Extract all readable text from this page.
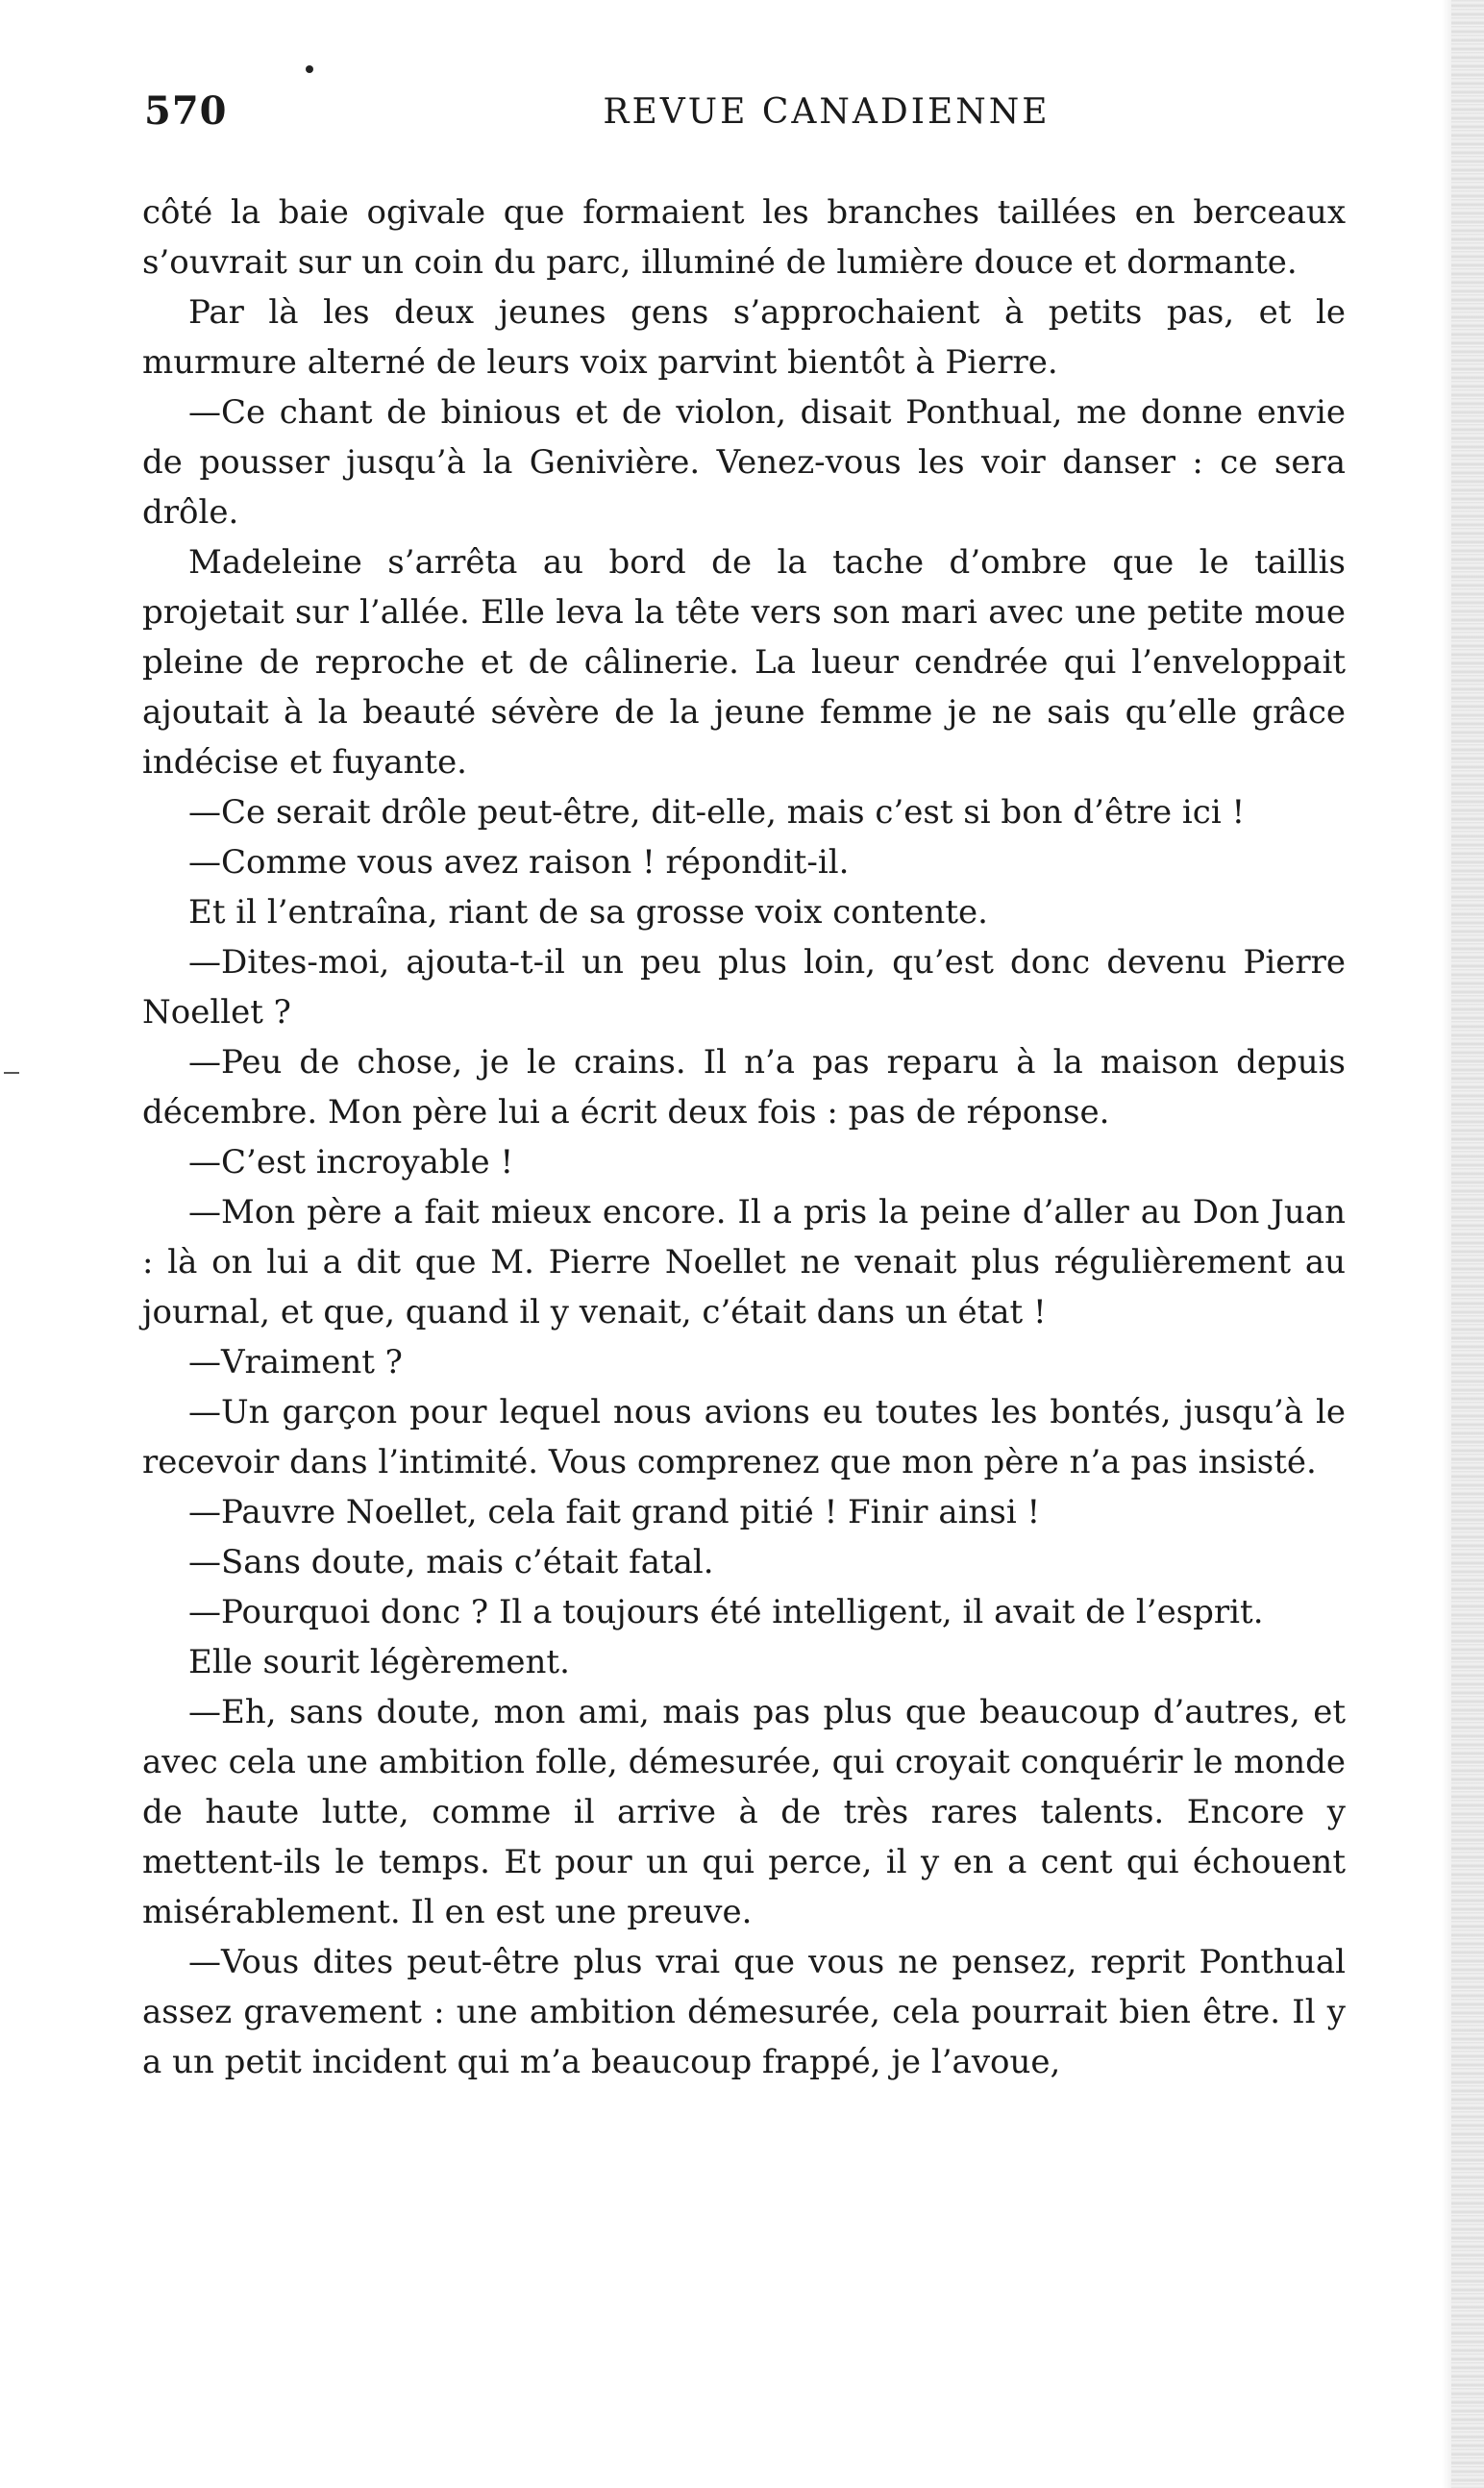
570	REVUE CANADIENNE

côté la baie ogivale que formaient les branches taillées en berceaux s’ouvrait sur un coin du parc, illuminé de lumière douce et dormante.

Par là les deux jeunes gens s’approchaient à petits pas, et le murmure alterné de leurs voix parvint bientôt à Pierre.

—Ce chant de binious et de violon, disait Ponthual, me donne envie de pousser jusqu’à la Genivière. Venez-vous les voir danser : ce sera drôle.

Madeleine s’arrêta au bord de la tache d’ombre que le taillis projetait sur l’allée. Elle leva la tête vers son mari avec une petite moue pleine de reproche et de câlinerie. La lueur cendrée qui l’enveloppait ajoutait à la beauté sévère de la jeune femme je ne sais qu’elle grâce indécise et fuyante.

—Ce serait drôle peut-être, dit-elle, mais c’est si bon d’être ici !

—Comme vous avez raison ! répondit-il.

Et il l’entraîna, riant de sa grosse voix contente.

—Dites-moi, ajouta-t-il un peu plus loin, qu’est donc devenu Pierre Noellet ?

—Peu de chose, je le crains. Il n’a pas reparu à la maison depuis décembre. Mon père lui a écrit deux fois : pas de réponse.

—C’est incroyable !

—Mon père a fait mieux encore. Il a pris la peine d’aller au Don Juan : là on lui a dit que M. Pierre Noellet ne venait plus régulièrement au journal, et que, quand il y venait, c’était dans un état !

—Vraiment ?

—Un garçon pour lequel nous avions eu toutes les bontés, jusqu’à le recevoir dans l’intimité. Vous comprenez que mon père n’a pas insisté.

—Pauvre Noellet, cela fait grand pitié ! Finir ainsi !

—Sans doute, mais c’était fatal.

—Pourquoi donc ? Il a toujours été intelligent, il avait de l’esprit.

Elle sourit légèrement.

—Eh, sans doute, mon ami, mais pas plus que beaucoup d’autres, et avec cela une ambition folle, démesurée, qui croyait conquérir le monde de haute lutte, comme il arrive à de très rares talents. Encore y mettent-ils le temps. Et pour un qui perce, il y en a cent qui échouent misérablement. Il en est une preuve.

—Vous dites peut-être plus vrai que vous ne pensez, reprit Ponthual assez gravement : une ambition démesurée, cela pourrait bien être. Il y a un petit incident qui m’a beaucoup frappé, je l’avoue,
